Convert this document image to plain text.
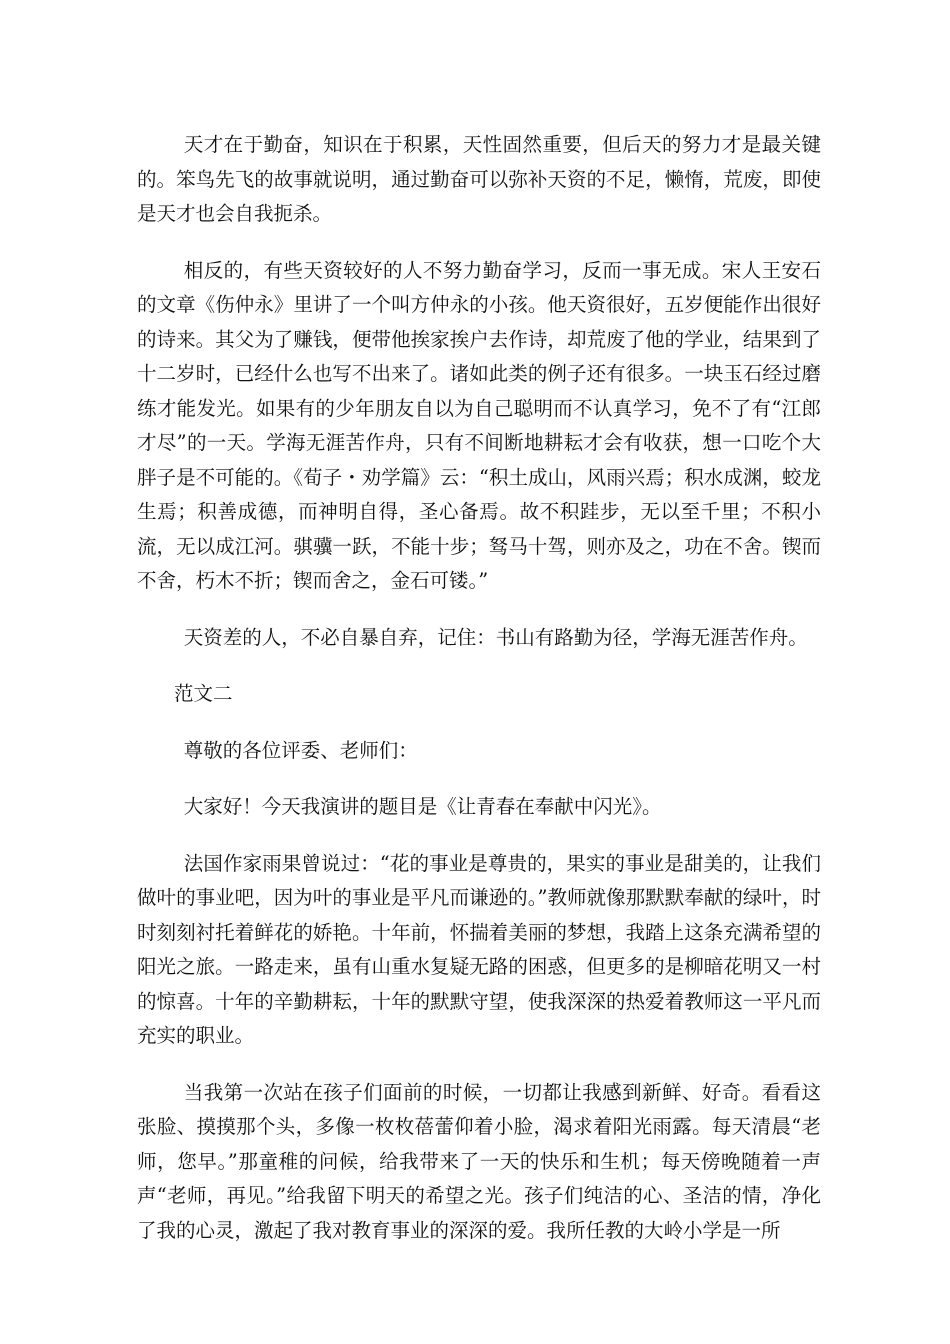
天才在于勤奋，知识在于积累，天性固然重要，但后天的努力才是最关键的。笨鸟先飞的故事就说明，通过勤奋可以弥补天资的不足，懒惰，荒废，即使是天才也会自我扼杀。

相反的，有些天资较好的人不努力勤奋学习，反而一事无成。宋人王安石的文章《伤仲永》里讲了一个叫方仲永的小孩。他天资很好，五岁便能作出很好的诗来。其父为了赚钱，便带他挨家挨户去作诗，却荒废了他的学业，结果到了十二岁时，已经什么也写不出来了。诸如此类的例子还有很多。一块玉石经过磨练才能发光。如果有的少年朋友自以为自己聪明而不认真学习，免不了有“江郎才尽”的一天。学海无涯苦作舟，只有不间断地耕耘才会有收获，想一口吃个大胖子是不可能的。《荀子・劝学篇》云：“积土成山，风雨兴焉；积水成渊，蛟龙生焉；积善成德，而神明自得，圣心备焉。故不积跬步，无以至千里；不积小流，无以成江河。骐骥一跃，不能十步；驽马十驾，则亦及之，功在不舍。锲而不舍，朽木不折；锲而舍之，金石可镂。”

天资差的人，不必自暴自弃，记住：书山有路勤为径，学海无涯苦作舟。

范文二

尊敬的各位评委、老师们：

大家好！今天我演讲的题目是《让青春在奉献中闪光》。

法国作家雨果曾说过：“花的事业是尊贵的，果实的事业是甜美的，让我们做叶的事业吧，因为叶的事业是平凡而谦逊的。”教师就像那默默奉献的绿叶，时时刻刻衬托着鲜花的娇艳。十年前，怀揣着美丽的梦想，我踏上这条充满希望的阳光之旅。一路走来，虽有山重水复疑无路的困惑，但更多的是柳暗花明又一村的惊喜。十年的辛勤耕耘，十年的默默守望，使我深深的热爱着教师这一平凡而充实的职业。

当我第一次站在孩子们面前的时候，一切都让我感到新鲜、好奇。看看这张脸、摸摸那个头，多像一枚枚蓓蕾仰着小脸，渴求着阳光雨露。每天清晨“老师，您早。”那童稚的问候，给我带来了一天的快乐和生机；每天傍晚随着一声声“老师，再见。”给我留下明天的希望之光。孩子们纯洁的心、圣洁的情，净化了我的心灵，激起了我对教育事业的深深的爱。我所任教的大岭小学是一所
